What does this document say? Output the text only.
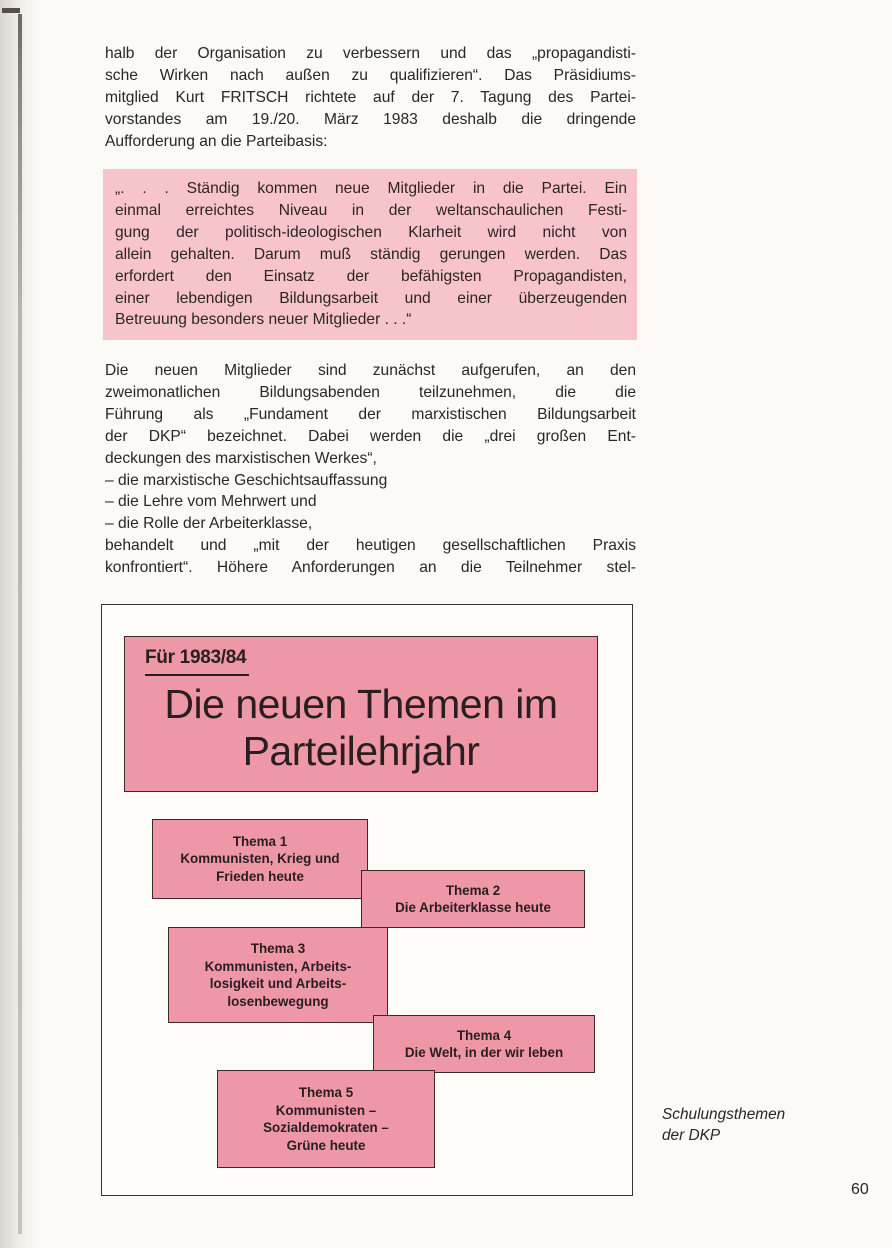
halb der Organisation zu verbessern und das „propagandisti-
sche Wirken nach außen zu qualifizieren“. Das Präsidiums-
mitglied Kurt FRITSCH richtete auf der 7. Tagung des Partei-
vorstandes am 19./20. März 1983 deshalb die dringende
Aufforderung an die Parteibasis:
„. . . Ständig kommen neue Mitglieder in die Partei. Ein
einmal erreichtes Niveau in der weltanschaulichen Festi-
gung der politisch-ideologischen Klarheit wird nicht von
allein gehalten. Darum muß ständig gerungen werden. Das
erfordert den Einsatz der befähigsten Propagandisten,
einer lebendigen Bildungsarbeit und einer überzeugenden
Betreuung besonders neuer Mitglieder . . .“
Die neuen Mitglieder sind zunächst aufgerufen, an den
zweimonatlichen Bildungsabenden teilzunehmen, die die
Führung als „Fundament der marxistischen Bildungsarbeit
der DKP“ bezeichnet. Dabei werden die „drei großen Ent-
deckungen des marxistischen Werkes“,
– die marxistische Geschichtsauffassung
– die Lehre vom Mehrwert und
– die Rolle der Arbeiterklasse,
behandelt und „mit der heutigen gesellschaftlichen Praxis
konfrontiert“. Höhere Anforderungen an die Teilnehmer stel-
Für 1983/84
Die neuen Themen im
Parteilehrjahr
Thema 1
Kommunisten, Krieg und
Frieden heute
Thema 2
Die Arbeiterklasse heute
Thema 3
Kommunisten, Arbeits-
losigkeit und Arbeits-
losenbewegung
Thema 4
Die Welt, in der wir leben
Thema 5
Kommunisten –
Sozialdemokraten –
Grüne heute
Schulungsthemen
der DKP
60
